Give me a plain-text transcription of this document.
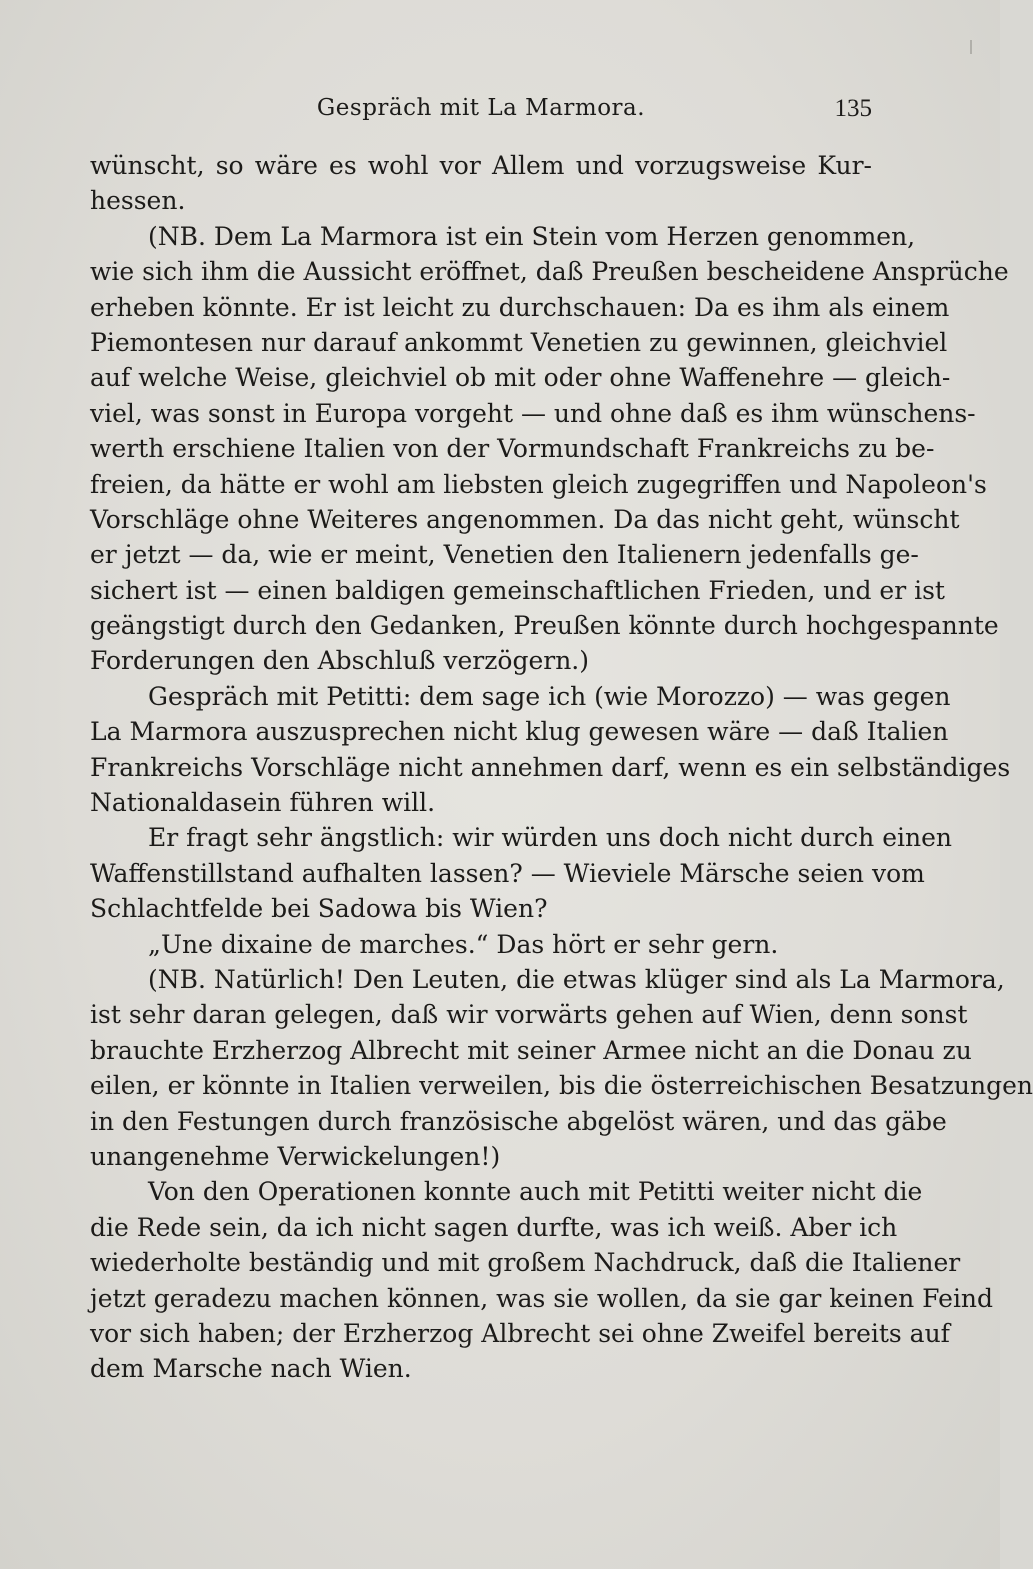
Gespräch mit La Marmora.	135
wünscht, so wäre es wohl vor Allem und vorzugsweise Kur-
hessen.
(NB. Dem La Marmora ist ein Stein vom Herzen genommen,
wie sich ihm die Aussicht eröffnet, daß Preußen bescheidene Ansprüche
erheben könnte. Er ist leicht zu durchschauen: Da es ihm als einem
Piemontesen nur darauf ankommt Venetien zu gewinnen, gleichviel
auf welche Weise, gleichviel ob mit oder ohne Waffenehre — gleich-
viel, was sonst in Europa vorgeht — und ohne daß es ihm wünschens-
werth erschiene Italien von der Vormundschaft Frankreichs zu be-
freien, da hätte er wohl am liebsten gleich zugegriffen und Napoleon's
Vorschläge ohne Weiteres angenommen. Da das nicht geht, wünscht
er jetzt — da, wie er meint, Venetien den Italienern jedenfalls ge-
sichert ist — einen baldigen gemeinschaftlichen Frieden, und er ist
geängstigt durch den Gedanken, Preußen könnte durch hochgespannte
Forderungen den Abschluß verzögern.)
Gespräch mit Petitti: dem sage ich (wie Morozzo) — was gegen
La Marmora auszusprechen nicht klug gewesen wäre — daß Italien
Frankreichs Vorschläge nicht annehmen darf, wenn es ein selbständiges
Nationaldasein führen will.
Er fragt sehr ängstlich: wir würden uns doch nicht durch einen
Waffenstillstand aufhalten lassen? — Wieviele Märsche seien vom
Schlachtfelde bei Sadowa bis Wien?
„Une dixaine de marches.“ Das hört er sehr gern.
(NB. Natürlich! Den Leuten, die etwas klüger sind als La Marmora,
ist sehr daran gelegen, daß wir vorwärts gehen auf Wien, denn sonst
brauchte Erzherzog Albrecht mit seiner Armee nicht an die Donau zu
eilen, er könnte in Italien verweilen, bis die österreichischen Besatzungen
in den Festungen durch französische abgelöst wären, und das gäbe
unangenehme Verwickelungen!)
Von den Operationen konnte auch mit Petitti weiter nicht die
die Rede sein, da ich nicht sagen durfte, was ich weiß. Aber ich
wiederholte beständig und mit großem Nachdruck, daß die Italiener
jetzt geradezu machen können, was sie wollen, da sie gar keinen Feind
vor sich haben; der Erzherzog Albrecht sei ohne Zweifel bereits auf
dem Marsche nach Wien.
